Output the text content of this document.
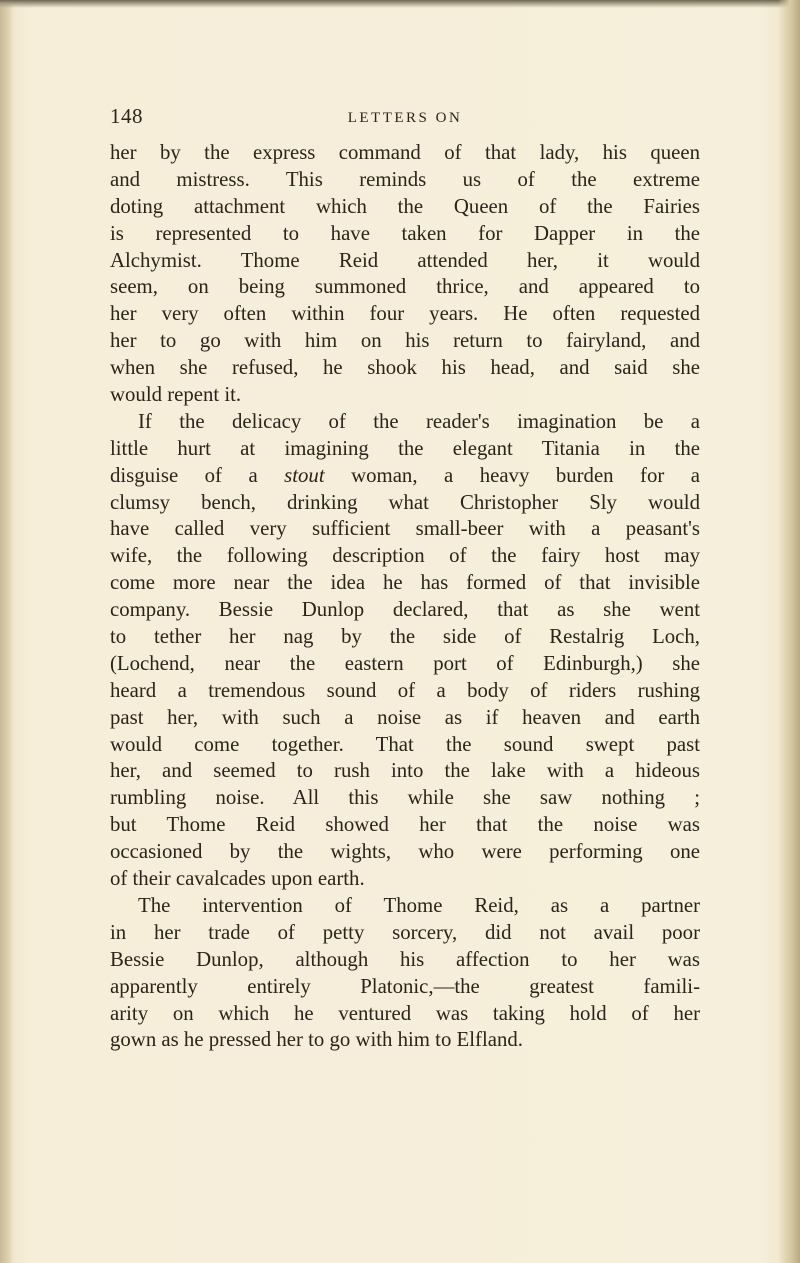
148	LETTERS ON
her by the express command of that lady, his queen
and mistress. This reminds us of the extreme
doting attachment which the Queen of the Fairies
is represented to have taken for Dapper in the
Alchymist. Thome Reid attended her, it would
seem, on being summoned thrice, and appeared to
her very often within four years. He often requested
her to go with him on his return to fairyland, and
when she refused, he shook his head, and said she
would repent it.
If the delicacy of the reader's imagination be a
little hurt at imagining the elegant Titania in the
disguise of a stout woman, a heavy burden for a
clumsy bench, drinking what Christopher Sly would
have called very sufficient small-beer with a peasant's
wife, the following description of the fairy host may
come more near the idea he has formed of that invisible
company. Bessie Dunlop declared, that as she went
to tether her nag by the side of Restalrig Loch,
(Lochend, near the eastern port of Edinburgh,) she
heard a tremendous sound of a body of riders rushing
past her, with such a noise as if heaven and earth
would come together. That the sound swept past
her, and seemed to rush into the lake with a hideous
rumbling noise. All this while she saw nothing ;
but Thome Reid showed her that the noise was
occasioned by the wights, who were performing one
of their cavalcades upon earth.
The intervention of Thome Reid, as a partner
in her trade of petty sorcery, did not avail poor
Bessie Dunlop, although his affection to her was
apparently entirely Platonic,—the greatest famili-
arity on which he ventured was taking hold of her
gown as he pressed her to go with him to Elfland.
